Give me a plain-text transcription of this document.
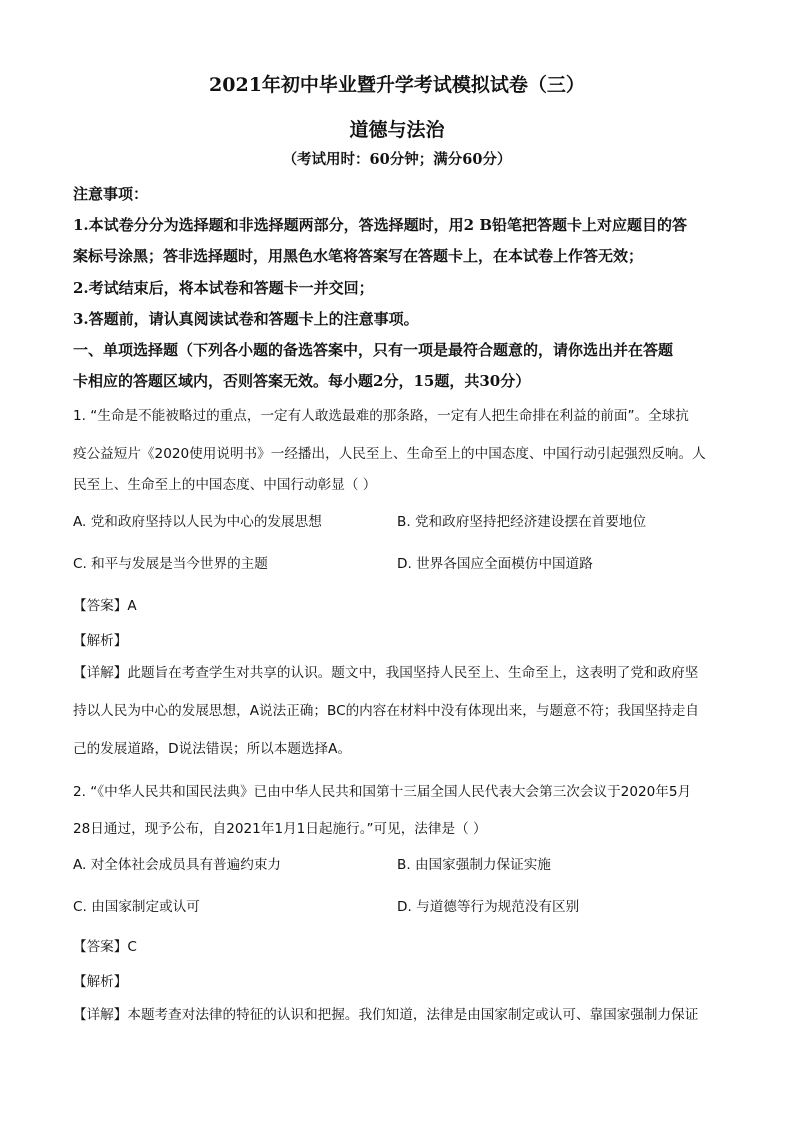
2021年初中毕业暨升学考试模拟试卷（三）
道德与法治
（考试用时：60分钟；满分60分）
注意事项：
1.本试卷分分为选择题和非选择题两部分，答选择题时，用2 B铅笔把答题卡上对应题目的答
案标号涂黑；答非选择题时，用黑色水笔将答案写在答题卡上，在本试卷上作答无效；
2.考试结束后，将本试卷和答题卡一并交回；
3.答题前，请认真阅读试卷和答题卡上的注意事项。
一、单项选择题（下列各小题的备选答案中，只有一项是最符合题意的，请你选出并在答题
卡相应的答题区域内，否则答案无效。每小题2分，15题，共30分）
1. “生命是不能被略过的重点，一定有人敢选最难的那条路，一定有人把生命排在利益的前面”。全球抗
疫公益短片《2020使用说明书》一经播出，人民至上、生命至上的中国态度、中国行动引起强烈反响。人
民至上、生命至上的中国态度、中国行动彰显（ ）
A. 党和政府坚持以人民为中心的发展思想	B. 党和政府坚持把经济建设摆在首要地位
C. 和平与发展是当今世界的主题	D. 世界各国应全面模仿中国道路
【答案】A
【解析】
【详解】此题旨在考查学生对共享的认识。题文中，我国坚持人民至上、生命至上，这表明了党和政府坚
持以人民为中心的发展思想，A说法正确；BC的内容在材料中没有体现出来，与题意不符；我国坚持走自
己的发展道路，D说法错误；所以本题选择A。
2. “《中华人民共和国民法典》已由中华人民共和国第十三届全国人民代表大会第三次会议于2020年5月
28日通过，现予公布，自2021年1月1日起施行。”可见，法律是（ ）
A. 对全体社会成员具有普遍约束力	B. 由国家强制力保证实施
C. 由国家制定或认可	D. 与道德等行为规范没有区别
【答案】C
【解析】
【详解】本题考查对法律的特征的认识和把握。我们知道，法律是由国家制定或认可、靠国家强制力保证
